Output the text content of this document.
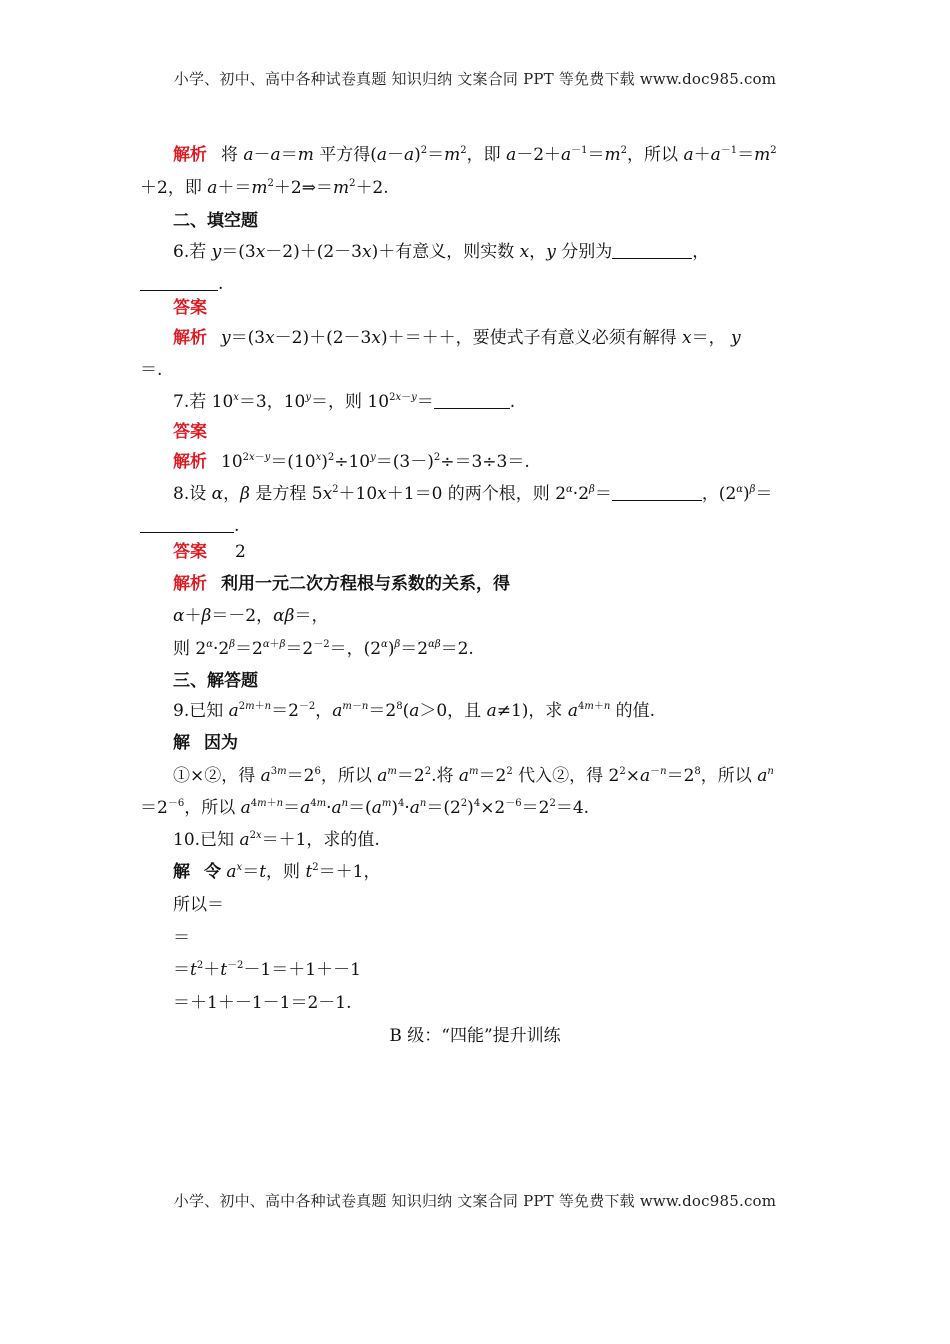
小学、初中、高中各种试卷真题 知识归纳 文案合同 PPT 等免费下载 www.doc985.com
解析 将 a－a＝m 平方得$(a-a)^2=m^2$，即 $a-2+a^{-1}=m^2$，所以 $a+a^{-1}=m^2$
＋2，即 $a+=m^2+2\Rightarrow=m^2+2$.
二、填空题
6.若 y＝(3x－2)＋(2－3x)＋有意义，则实数 x，y 分别为	，
.
答案
解析 y＝(3x－2)＋(2－3x)＋＝＋＋，要使式子有意义必须有解得 x＝， y
＝.
7.若 $10^x=3$，$10^y=$，则 $10^{2x-y}=$	.
答案
解析 $10^{2x-y}=(10^x)^2\div 10^y=(3-)^2\div=3\div 3=$.
8.设 α，β 是方程 $5x^2+10x+1=0$ 的两个根，则 $2^\alpha\cdot 2^\beta=$	，$(2^\alpha)^\beta=$
.
答案 2
解析 利用一元二次方程根与系数的关系，得
α＋β＝－2，αβ＝，
则 $2^\alpha\cdot 2^\beta=2^{\alpha+\beta}=2^{-2}=$，$(2^\alpha)^\beta=2^{\alpha\beta}=2$.
三、解答题
9.已知 $a^{2m+n}=2^{-2}$，$a^{m-n}=2^8(a>0$，且 a≠1)，求 $a^{4m+n}$ 的值.
解 因为
①×②，得 $a^{3m}=2^6$，所以 $a^m=2^2$.将 $a^m=2^2$ 代入②，得 $2^2\times a^{-n}=2^8$，所以 $a^n$
$=2^{-6}$，所以 $a^{4m+n}=a^{4m}\cdot a^n=(a^m)^4\cdot a^n=(2^2)^4\times 2^{-6}=2^2=4$.
10.已知 $a^{2x}=+1$，求的值.
解 令 $a^x=t$，则 $t^2=+1$，
所以＝
＝
$=t^2+t^{-2}-1=+1+-1$
＝＋1＋－1－1＝2－1.
B 级：“四能”提升训练
小学、初中、高中各种试卷真题 知识归纳 文案合同 PPT 等免费下载 www.doc985.com
